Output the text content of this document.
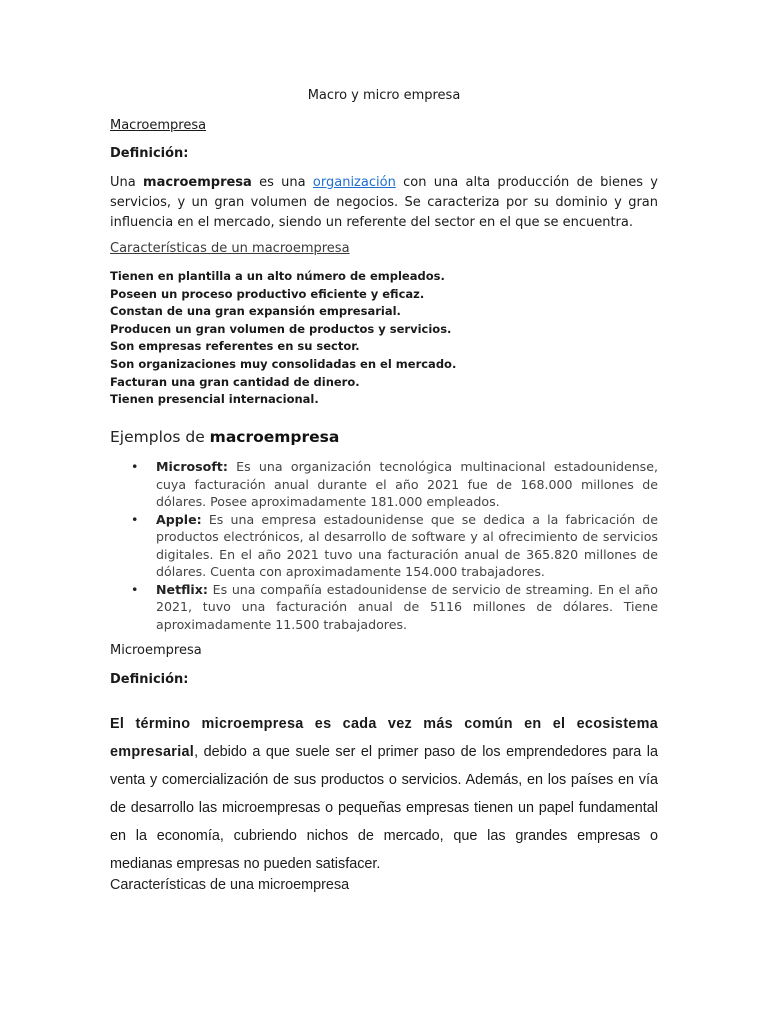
Macro y micro empresa

Macroempresa

Definición:

Una macroempresa es una organización con una alta producción de bienes y servicios, y un gran volumen de negocios. Se caracteriza por su dominio y gran influencia en el mercado, siendo un referente del sector en el que se encuentra.

Características de un macroempresa

Tienen en plantilla a un alto número de empleados.
Poseen un proceso productivo eficiente y eficaz.
Constan de una gran expansión empresarial.
Producen un gran volumen de productos y servicios.
Son empresas referentes en su sector.
Son organizaciones muy consolidadas en el mercado.
Facturan una gran cantidad de dinero.
Tienen presencial internacional.

Ejemplos de macroempresa

• Microsoft: Es una organización tecnológica multinacional estadounidense, cuya facturación anual durante el año 2021 fue de 168.000 millones de dólares. Posee aproximadamente 181.000 empleados.
• Apple: Es una empresa estadounidense que se dedica a la fabricación de productos electrónicos, al desarrollo de software y al ofrecimiento de servicios digitales. En el año 2021 tuvo una facturación anual de 365.820 millones de dólares. Cuenta con aproximadamente 154.000 trabajadores.
• Netflix: Es una compañía estadounidense de servicio de streaming. En el año 2021, tuvo una facturación anual de 5116 millones de dólares. Tiene aproximadamente 11.500 trabajadores.

Microempresa

Definición:

El término microempresa es cada vez más común en el ecosistema empresarial, debido a que suele ser el primer paso de los emprendedores para la venta y comercialización de sus productos o servicios. Además, en los países en vía de desarrollo las microempresas o pequeñas empresas tienen un papel fundamental en la economía, cubriendo nichos de mercado, que las grandes empresas o medianas empresas no pueden satisfacer.

Características de una microempresa
